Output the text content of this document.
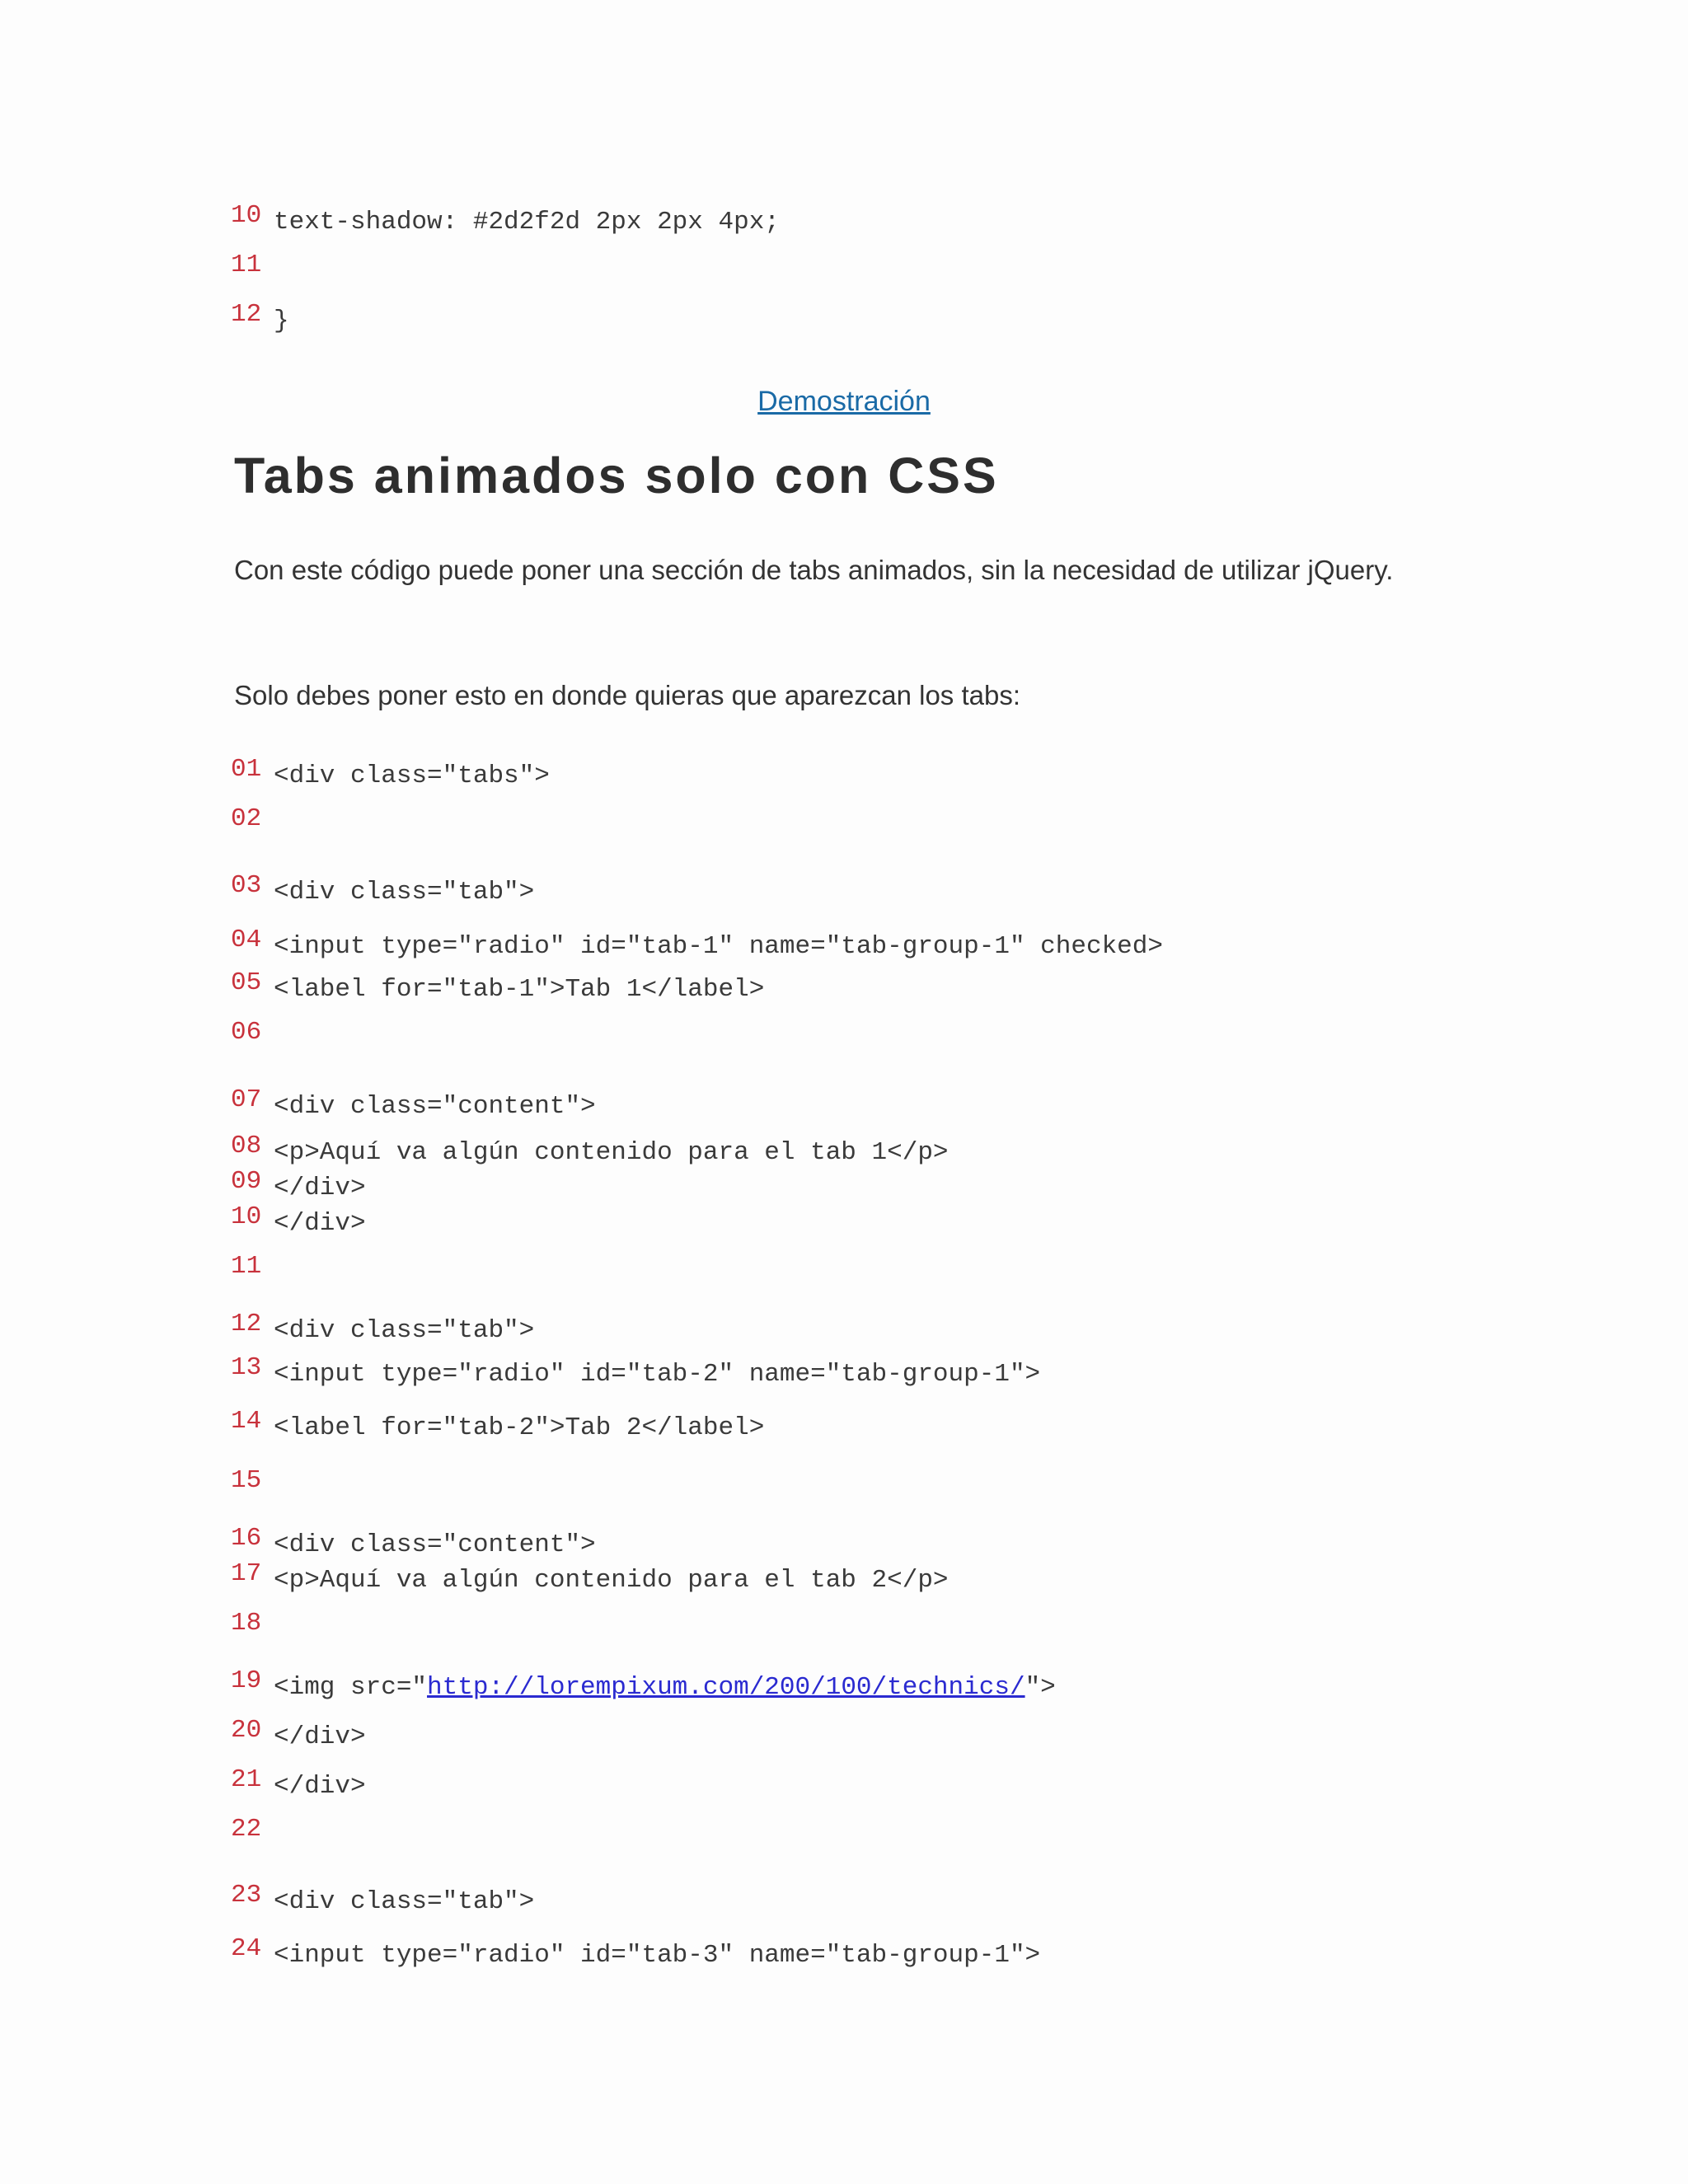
10

text-shadow: #2d2f2d 2px 2px 4px;

11

12

}

Demostración
Tabs animados solo con CSS

Con este código puede poner una sección de tabs animados, sin la necesidad de utilizar jQuery.

Solo debes poner esto en donde quieras que aparezcan los tabs:

01

<div class="tabs">

02

03

<div class="tab">

04

<input type="radio" id="tab-1" name="tab-group-1" checked>

05

<label for="tab-1">Tab 1</label>

06

07

<div class="content">

08

<p>Aquí va algún contenido para el tab 1</p>

09

</div>

10

</div>

11

12

<div class="tab">

13

<input type="radio" id="tab-2" name="tab-group-1">

14

<label for="tab-2">Tab 2</label>

15

16

<div class="content">

17

<p>Aquí va algún contenido para el tab 2</p>

18

19

<img src="http://lorempixum.com/200/100/technics/">

20

</div>

21

</div>

22

23

<div class="tab">

24

<input type="radio" id="tab-3" name="tab-group-1">
